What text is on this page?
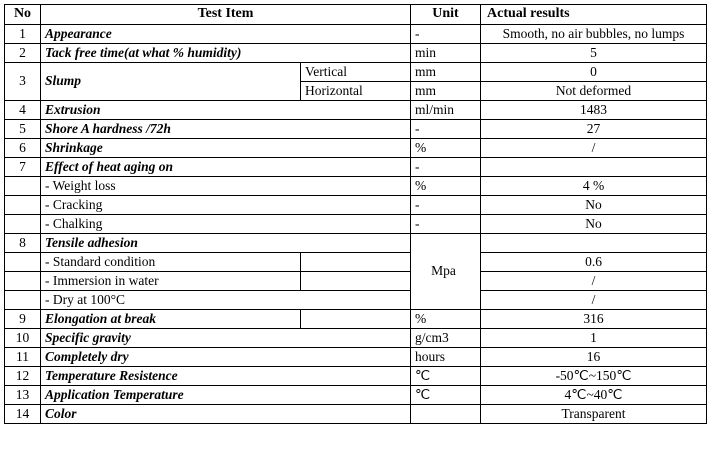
No	Test Item		Unit	Actual results
1	Appearance		-	Smooth, no air bubbles, no lumps
2	Tack free time(at what % humidity)		min	5
3	Slump	Vertical	mm	0
		Horizontal	mm	Not deformed
4	Extrusion		ml/min	1483
5	Shore A hardness /72h		-	27
6	Shrinkage		%	/
7	Effect of heat aging on		-	
	- Weight loss		%	4 %
	- Cracking		-	No
	- Chalking		-	No
8	Tensile adhesion		Mpa	
	- Standard condition			0.6
	- Immersion in water			/
	- Dry at 100°C			/
9	Elongation at break		%	316
10	Specific gravity		g/cm3	1
11	Completely dry		hours	16
12	Temperature Resistence		℃	-50℃~150℃
13	Application Temperature		℃	4℃~40℃
14	Color			Transparent
